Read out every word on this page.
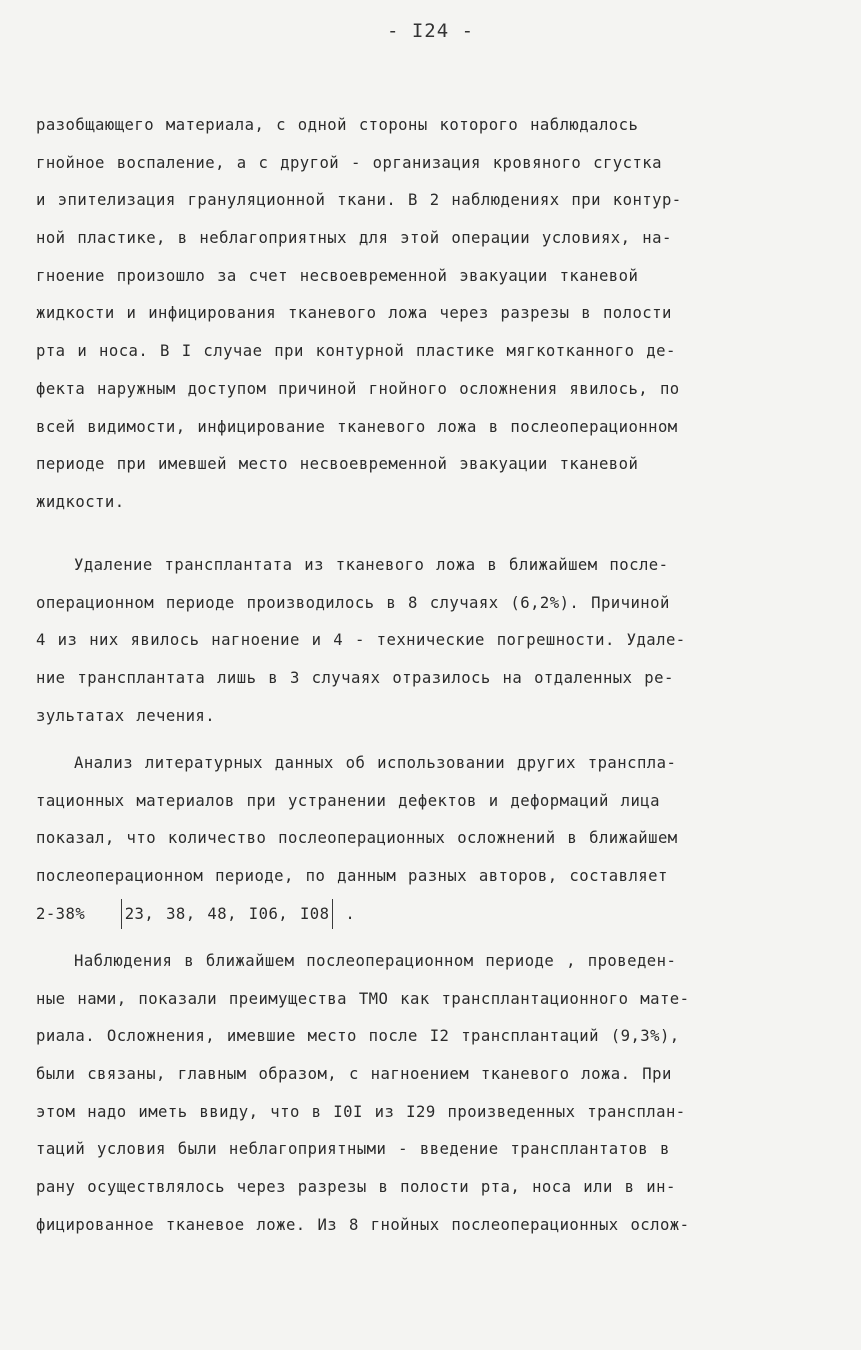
- I24 -
разобщающего материала, с одной стороны которого наблюдалось
гнойное воспаление, а с другой - организация кровяного сгустка
и эпителизация грануляционной ткани. В 2 наблюдениях при контур-
ной пластике, в неблагоприятных для этой операции условиях, на-
гноение произошло за счет несвоевременной эвакуации тканевой
жидкости и инфицирования тканевого ложа через разрезы в полости
рта и носа. В I случае при контурной пластике мягкотканного де-
фекта наружным доступом причиной гнойного осложнения явилось, по
всей видимости, инфицирование тканевого ложа в послеоперационном
периоде при имевшей место несвоевременной эвакуации тканевой
жидкости.
Удаление трансплантата из тканевого ложа в ближайшем после-
операционном периоде производилось в 8 случаях (6,2%). Причиной
4 из них явилось нагноение и 4 - технические погрешности. Удале-
ние трансплантата лишь в 3 случаях отразилось на отдаленных ре-
зультатах лечения.
Анализ литературных данных об использовании других транспла-
тационных материалов при устранении дефектов и деформаций лица
показал, что количество послеоперационных осложнений в ближайшем
послеоперационном периоде, по данным разных авторов, составляет
2-38%	23, 38, 48, I06, I08 .
Наблюдения в ближайшем послеоперационном периоде , проведен-
ные нами, показали преимущества ТМО как трансплантационного мате-
риала. Осложнения, имевшие место после I2 трансплантаций (9,3%),
были связаны, главным образом, с нагноением тканевого ложа. При
этом надо иметь ввиду, что в I0I из I29 произведенных трансплан-
таций условия были неблагоприятными - введение трансплантатов в
рану осуществлялось через разрезы в полости рта, носа или в ин-
фицированное тканевое ложе. Из 8 гнойных послеоперационных ослож-
